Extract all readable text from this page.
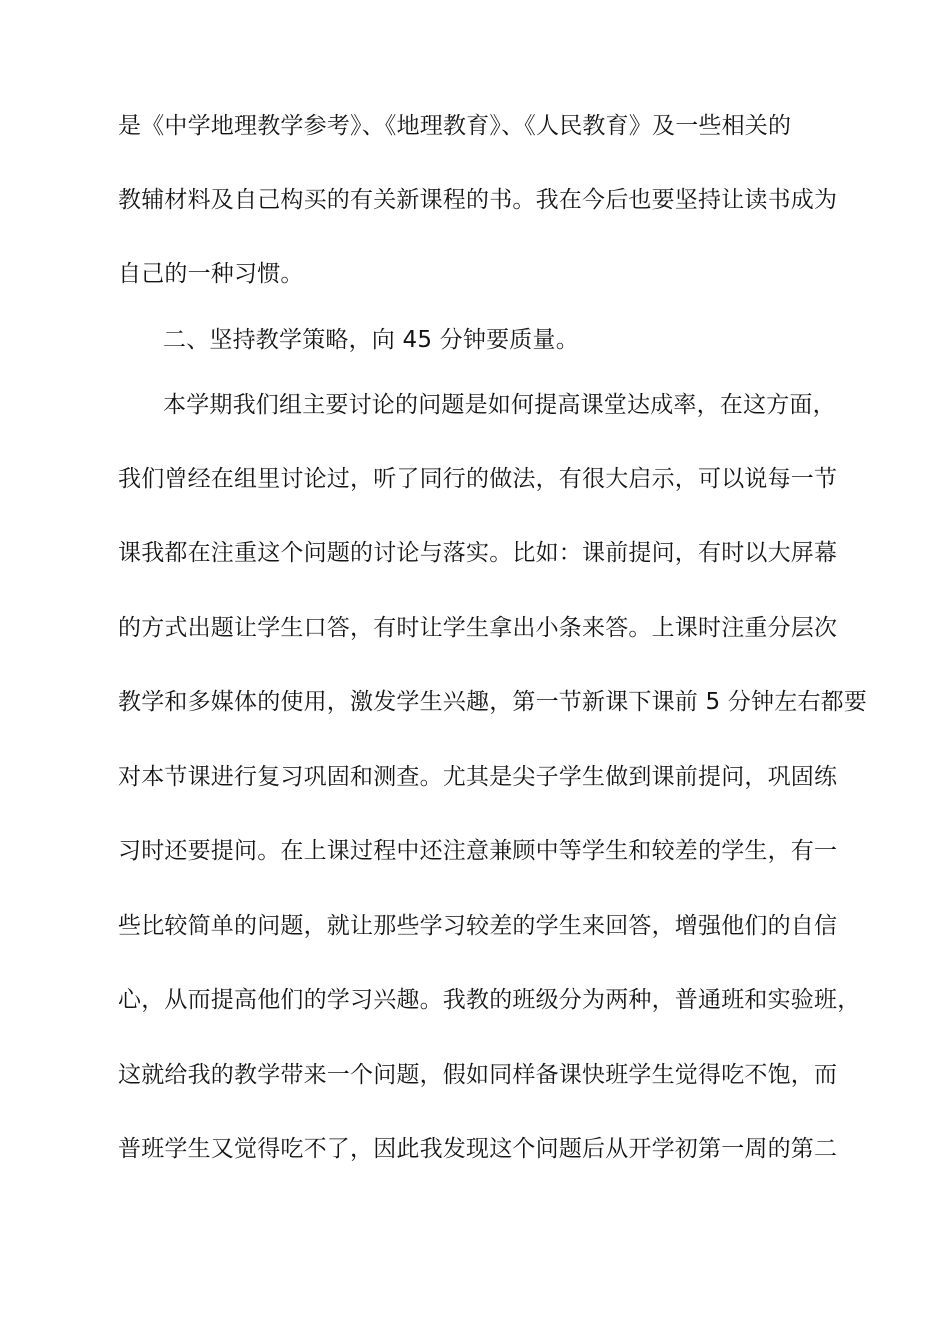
是《中学地理教学参考》、《地理教育》、《人民教育》及一些相关的
教辅材料及自己构买的有关新课程的书。我在今后也要坚持让读书成为
自己的一种习惯。
二、坚持教学策略，向 45 分钟要质量。
本学期我们组主要讨论的问题是如何提高课堂达成率，在这方面，
我们曾经在组里讨论过，听了同行的做法，有很大启示，可以说每一节
课我都在注重这个问题的讨论与落实。比如：课前提问，有时以大屏幕
的方式出题让学生口答，有时让学生拿出小条来答。上课时注重分层次
教学和多媒体的使用，激发学生兴趣，第一节新课下课前 5 分钟左右都要
对本节课进行复习巩固和测查。尤其是尖子学生做到课前提问，巩固练
习时还要提问。在上课过程中还注意兼顾中等学生和较差的学生，有一
些比较简单的问题，就让那些学习较差的学生来回答，增强他们的自信
心，从而提高他们的学习兴趣。我教的班级分为两种，普通班和实验班，
这就给我的教学带来一个问题，假如同样备课快班学生觉得吃不饱，而
普班学生又觉得吃不了，因此我发现这个问题后从开学初第一周的第二
